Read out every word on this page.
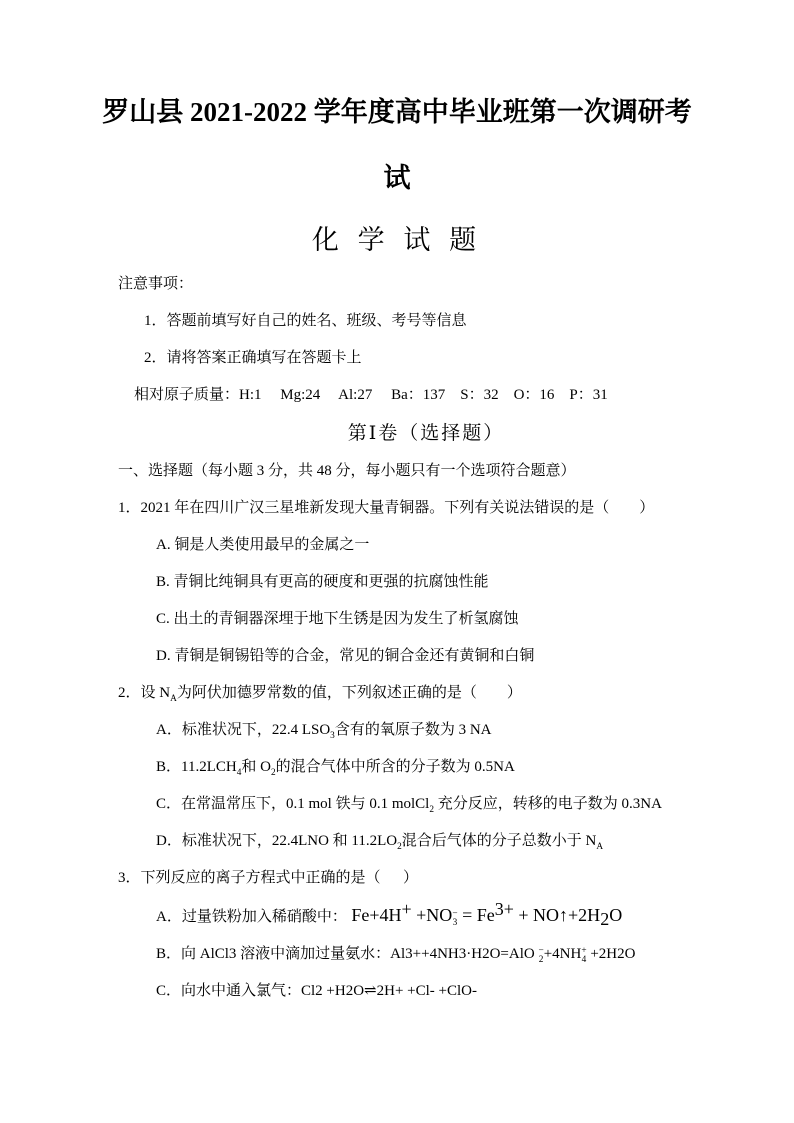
罗山县 2021-2022 学年度高中毕业班第一次调研考
试
化 学 试 题
注意事项：
1．答题前填写好自己的姓名、班级、考号等信息
2．请将答案正确填写在答题卡上
相对原子质量：H:1     Mg:24     Al:27     Ba：137    S：32    O：16    P：31
第Ⅰ卷（选择题）
一、选择题（每小题 3 分，共 48 分，每小题只有一个选项符合题意）
1．2021 年在四川广汉三星堆新发现大量青铜器。下列有关说法错误的是（        ）
A. 铜是人类使用最早的金属之一
B. 青铜比纯铜具有更高的硬度和更强的抗腐蚀性能
C. 出土的青铜器深埋于地下生锈是因为发生了析氢腐蚀
D. 青铜是铜锡铅等的合金，常见的铜合金还有黄铜和白铜
2．设 $N_A$为阿伏加德罗常数的值，下列叙述正确的是（        ）
A．标准状况下，22.4 $LSO_3$含有的氧原子数为 3 NA
B．$11.2LCH_4$和 $O_2$的混合气体中所含的分子数为 0.5NA
C．在常温常压下，0.1 mol 铁与 0.1 molCl$_2$ 充分反应，转移的电子数为 0.3NA
D．标准状况下，22.4LNO 和 $11.2LO_2$混合后气体的分子总数小于 $N_A$
3．下列反应的离子方程式中正确的是（      ）
A．过量铁粉加入稀硝酸中： Fe+4H+ +NO −
$3 = Fe^{3+}$ + $NO↑+2H_2O$
B．向 AlCl3 溶液中滴加过量氨水：Al3++4NH3·H2O=AlO −
2 +4NH +
4 +2H2O
C．向水中通入氯气：Cl2 +H2O⇌2H+ +Cl- +ClO-
